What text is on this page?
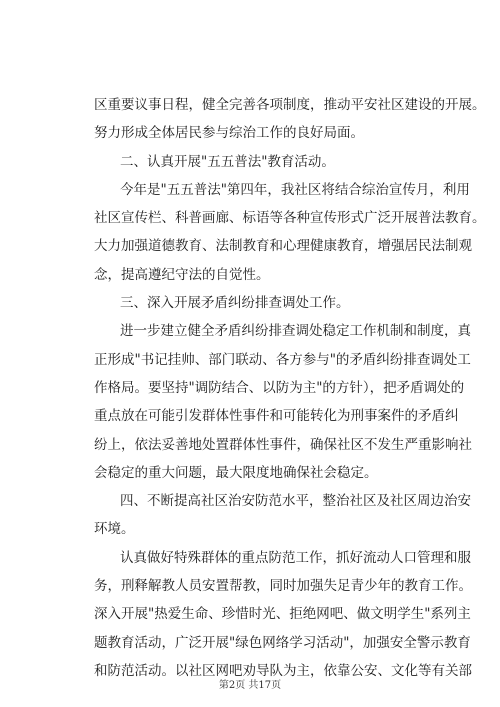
区重要议事日程，健全完善各项制度，推动平安社区建设的开展。
努力形成全体居民参与综治工作的良好局面。
二、认真开展"五五普法"教育活动。
今年是"五五普法"第四年，我社区将结合综治宣传月，利用
社区宣传栏、科普画廊、标语等各种宣传形式广泛开展普法教育。
大力加强道德教育、法制教育和心理健康教育，增强居民法制观
念，提高遵纪守法的自觉性。
三、深入开展矛盾纠纷排查调处工作。
进一步建立健全矛盾纠纷排查调处稳定工作机制和制度，真
正形成"书记挂帅、部门联动、各方参与"的矛盾纠纷排查调处工
作格局。要坚持"调防结合、以防为主"的方针），把矛盾调处的
重点放在可能引发群体性事件和可能转化为刑事案件的矛盾纠
纷上，依法妥善地处置群体性事件，确保社区不发生严重影响社
会稳定的重大问题，最大限度地确保社会稳定。
四、不断提高社区治安防范水平，整治社区及社区周边治安
环境。
认真做好特殊群体的重点防范工作，抓好流动人口管理和服
务，刑释解教人员安置帮教，同时加强失足青少年的教育工作。
深入开展"热爱生命、珍惜时光、拒绝网吧、做文明学生"系列主
题教育活动，广泛开展"绿色网络学习活动"，加强安全警示教育
和防范活动。以社区网吧劝导队为主，依靠公安、文化等有关部
第2页 共17页
